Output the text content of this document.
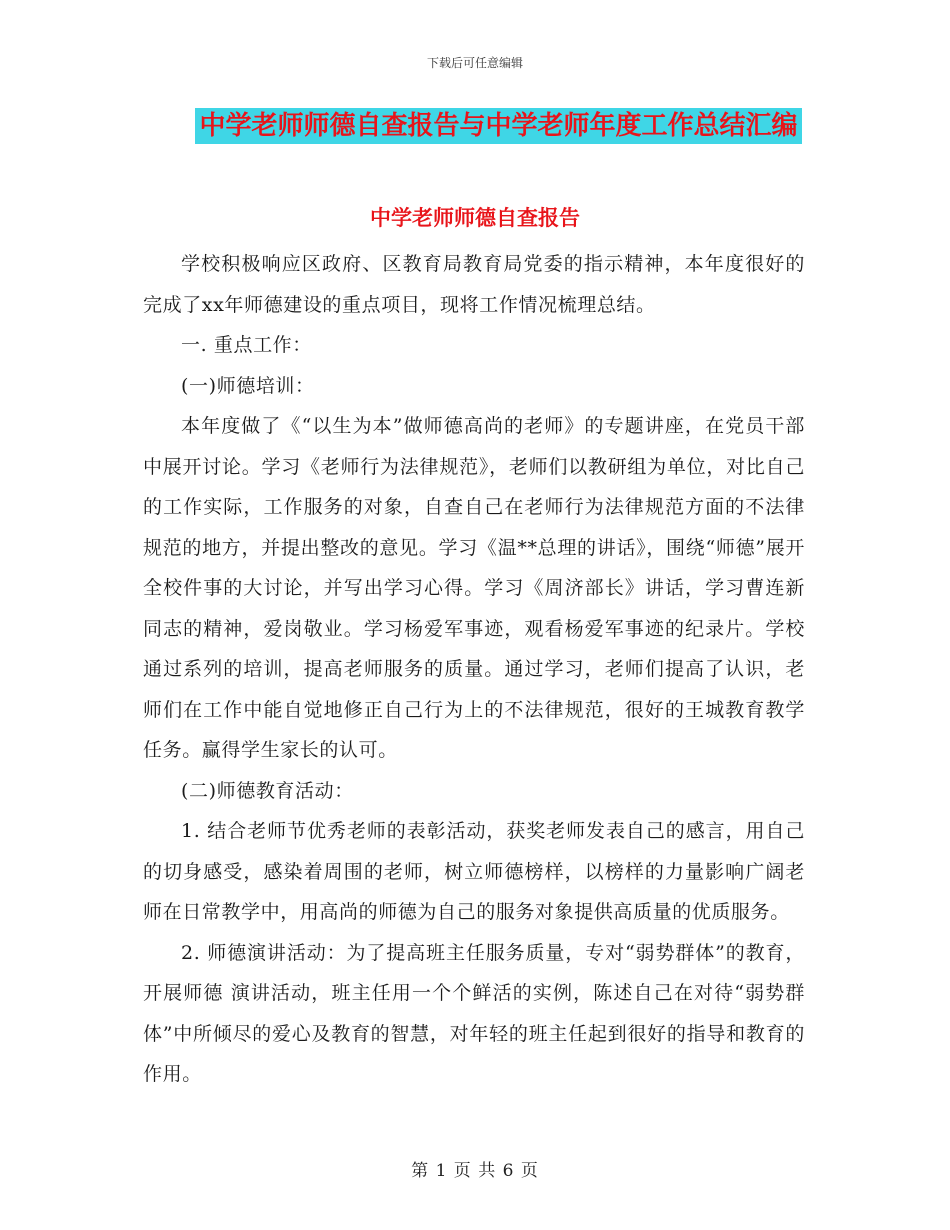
下载后可任意编辑
中学老师师德自查报告与中学老师年度工作总结汇编
中学老师师德自查报告

学校积极响应区政府、区教育局教育局党委的指示精神，本年度很好的完成了xx年师德建设的重点项目，现将工作情况梳理总结。

一. 重点工作：

(一)师德培训：

本年度做了《“以生为本”做师德高尚的老师》的专题讲座，在党员干部中展开讨论。学习《老师行为法律规范》，老师们以教研组为单位，对比自己的工作实际，工作服务的对象，自查自己在老师行为法律规范方面的不法律规范的地方，并提出整改的意见。学习《温**总理的讲话》，围绕“师德”展开全校件事的大讨论，并写出学习心得。学习《周济部长》讲话，学习曹连新同志的精神，爱岗敬业。学习杨爱军事迹，观看杨爱军事迹的纪录片。学校通过系列的培训，提高老师服务的质量。通过学习，老师们提高了认识，老师们在工作中能自觉地修正自己行为上的不法律规范，很好的王城教育教学任务。赢得学生家长的认可。

(二)师德教育活动：

1. 结合老师节优秀老师的表彰活动，获奖老师发表自己的感言，用自己的切身感受，感染着周围的老师，树立师德榜样，以榜样的力量影响广阔老师在日常教学中，用高尚的师德为自己的服务对象提供高质量的优质服务。

2. 师德演讲活动：为了提高班主任服务质量，专对“弱势群体”的教育，开展师德 演讲活动，班主任用一个个鲜活的实例，陈述自己在对待“弱势群体”中所倾尽的爱心及教育的智慧，对年轻的班主任起到很好的指导和教育的作用。

第 1 页 共 6 页
